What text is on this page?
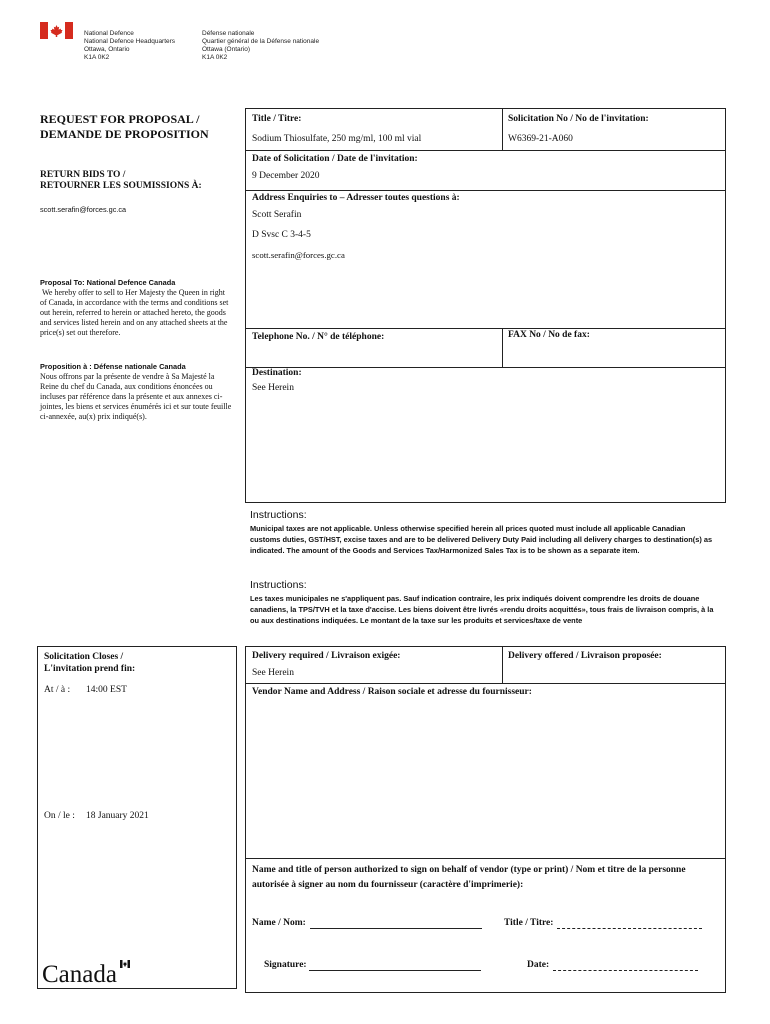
National Defence
National Defence Headquarters
Ottawa, Ontario
K1A 0K2
Défense nationale
Quartier général de la Défense nationale
Ottawa (Ontario)
K1A 0K2
REQUEST FOR PROPOSAL /
DEMANDE DE PROPOSITION
RETURN BIDS TO /
RETOURNER LES SOUMISSIONS À:
scott.serafin@forces.gc.ca
Proposal To: National Defence Canada
We hereby offer to sell to Her Majesty the Queen in right of Canada, in accordance with the terms and conditions set out herein, referred to herein or attached hereto, the goods and services listed herein and on any attached sheets at the price(s) set out therefore.
Proposition à : Défense nationale Canada
Nous offrons par la présente de vendre à Sa Majesté la Reine du chef du Canada, aux conditions énoncées ou incluses par référence dans la présente et aux annexes ci-jointes, les biens et services énumérés ici et sur toute feuille ci-annexée, au(x) prix indiqué(s).
Title / Titre:
Sodium Thiosulfate, 250 mg/ml, 100 ml vial
Solicitation No / No de l'invitation:
W6369-21-A060
Date of Solicitation / Date de l'invitation:
9 December 2020
Address Enquiries to – Adresser toutes questions à:
Scott Serafin
D Svsc C 3-4-5
scott.serafin@forces.gc.ca
Telephone No. / N° de téléphone:	FAX No / No de fax:
Destination:
See Herein
Instructions:
Municipal taxes are not applicable. Unless otherwise specified herein all prices quoted must include all applicable Canadian customs duties, GST/HST, excise taxes and are to be delivered Delivery Duty Paid including all delivery charges to destination(s) as indicated. The amount of the Goods and Services Tax/Harmonized Sales Tax is to be shown as a separate item.
Instructions:
Les taxes municipales ne s'appliquent pas. Sauf indication contraire, les prix indiqués doivent comprendre les droits de douane canadiens, la TPS/TVH et la taxe d'accise. Les biens doivent être livrés «rendu droits acquittés», tous frais de livraison compris, à la ou aux destinations indiquées. Le montant de la taxe sur les produits et services/taxe de vente
Solicitation Closes /
L'invitation prend fin:
At / à : 14:00 EST
On / le : 18 January 2021
Delivery required / Livraison exigée:
See Herein
Delivery offered / Livraison proposée:
Vendor Name and Address / Raison sociale et adresse du fournisseur:
Name and title of person authorized to sign on behalf of vendor (type or print) / Nom et titre de la personne autorisée à signer au nom du fournisseur (caractère d'imprimerie):
Name / Nom:	Title / Titre:
Signature:	Date:
Canada
